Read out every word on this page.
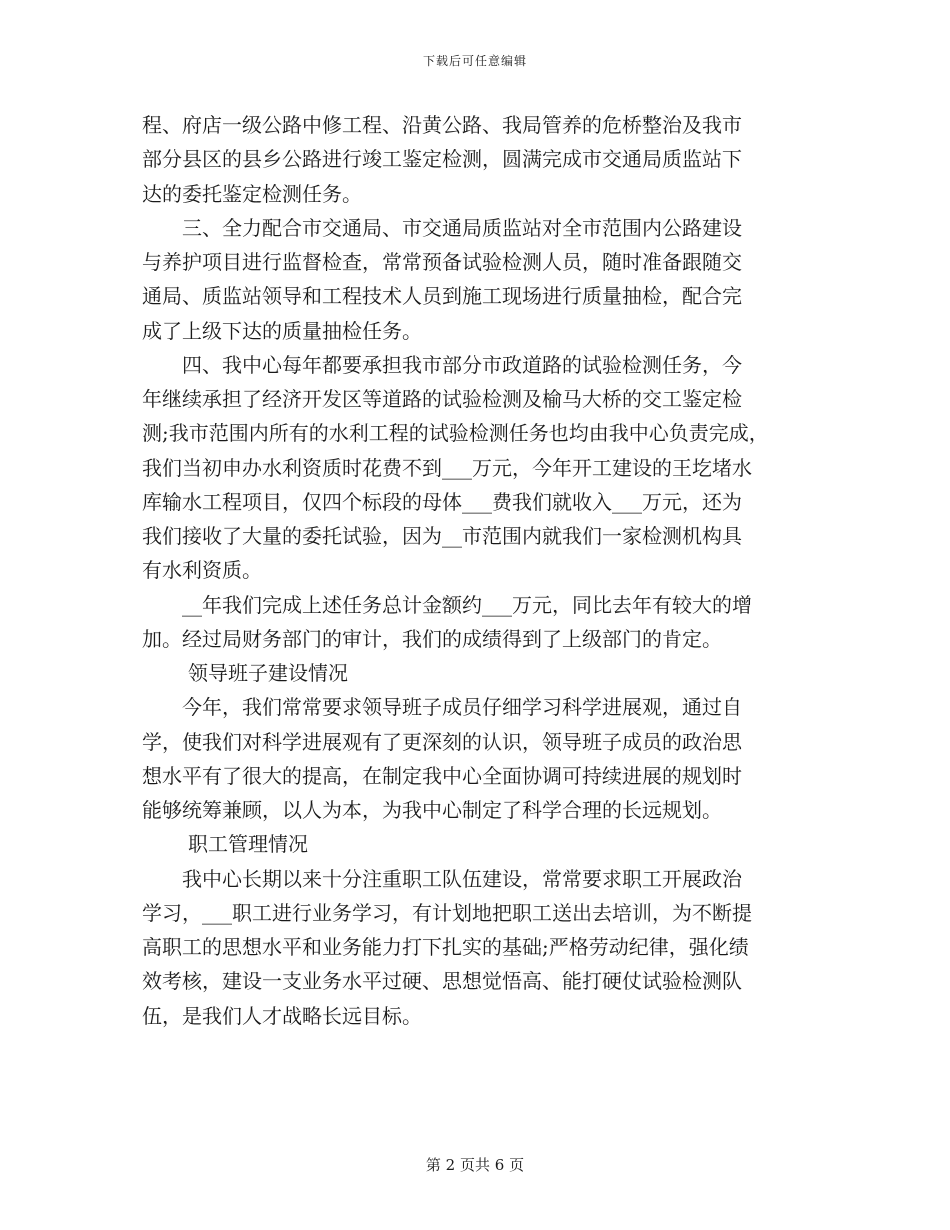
下载后可任意编辑
程、府店一级公路中修工程、沿黄公路、我局管养的危桥整治及我市
部分县区的县乡公路进行竣工鉴定检测，圆满完成市交通局质监站下
达的委托鉴定检测任务。
三、全力配合市交通局、市交通局质监站对全市范围内公路建设
与养护项目进行监督检查，常常预备试验检测人员，随时准备跟随交
通局、质监站领导和工程技术人员到施工现场进行质量抽检，配合完
成了上级下达的质量抽检任务。
四、我中心每年都要承担我市部分市政道路的试验检测任务，今
年继续承担了经济开发区等道路的试验检测及榆马大桥的交工鉴定检
测;我市范围内所有的水利工程的试验检测任务也均由我中心负责完成，
我们当初申办水利资质时花费不到___万元，今年开工建设的王圪堵水
库输水工程项目，仅四个标段的母体___费我们就收入___万元，还为
我们接收了大量的委托试验，因为__市范围内就我们一家检测机构具
有水利资质。
__年我们完成上述任务总计金额约___万元，同比去年有较大的增
加。经过局财务部门的审计，我们的成绩得到了上级部门的肯定。
领导班子建设情况
今年，我们常常要求领导班子成员仔细学习科学进展观，通过自
学，使我们对科学进展观有了更深刻的认识，领导班子成员的政治思
想水平有了很大的提高，在制定我中心全面协调可持续进展的规划时
能够统筹兼顾，以人为本，为我中心制定了科学合理的长远规划。
职工管理情况
我中心长期以来十分注重职工队伍建设，常常要求职工开展政治
学习，___职工进行业务学习，有计划地把职工送出去培训，为不断提
高职工的思想水平和业务能力打下扎实的基础;严格劳动纪律，强化绩
效考核，建设一支业务水平过硬、思想觉悟高、能打硬仗试验检测队
伍，是我们人才战略长远目标。
第 2 页共 6 页
